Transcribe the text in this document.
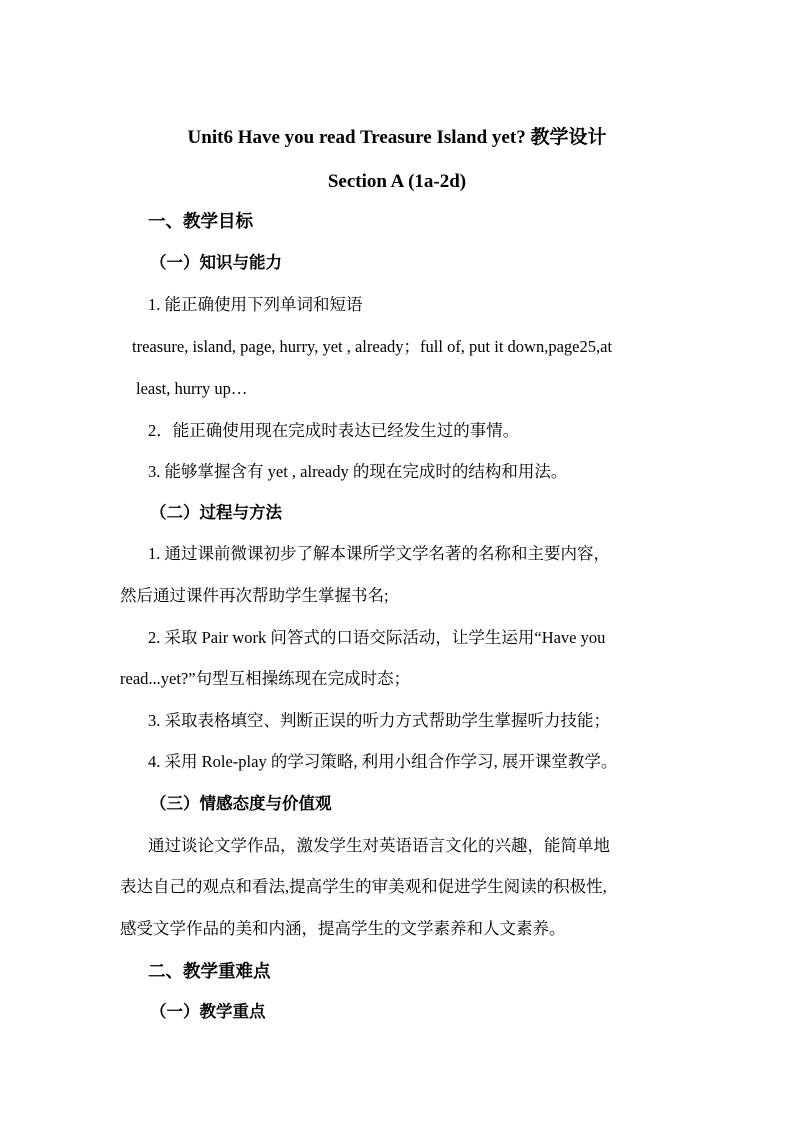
Unit6 Have you read Treasure Island yet? 教学设计
Section A (1a-2d)
一、教学目标
（一）知识与能力
1. 能正确使用下列单词和短语
treasure, island, page, hurry, yet , already；full of, put it down,page25,at
least, hurry up…
2．能正确使用现在完成时表达已经发生过的事情。
3. 能够掌握含有 yet , already 的现在完成时的结构和用法。
（二）过程与方法
1. 通过课前微课初步了解本课所学文学名著的名称和主要内容，
然后通过课件再次帮助学生掌握书名;
2. 采取 Pair work 问答式的口语交际活动，让学生运用“Have you
read...yet?”句型互相操练现在完成时态；
3. 采取表格填空、判断正误的听力方式帮助学生掌握听力技能；
4. 采用 Role-play 的学习策略, 利用小组合作学习, 展开课堂教学。
（三）情感态度与价值观
通过谈论文学作品，激发学生对英语语言文化的兴趣，能简单地
表达自己的观点和看法,提高学生的审美观和促进学生阅读的积极性,
感受文学作品的美和内涵，提高学生的文学素养和人文素养。
二、教学重难点
（一）教学重点
